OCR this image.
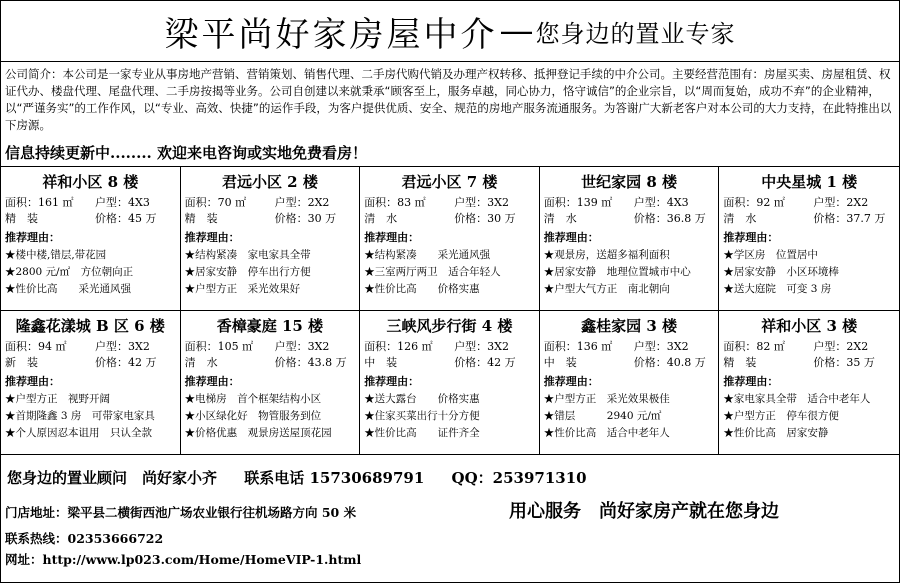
梁平尚好家房屋中介 — 您身边的置业专家
公司简介：本公司是一家专业从事房地产营销、营销策划、销售代理、二手房代购代销及办理产权转移、抵押登记手续的中介公司。主要经营范围有：房屋买卖、房屋租赁、权证代办、楼盘代理、尾盘代理、二手房按揭等业务。公司自创建以来就秉承“顾客至上，服务卓越，同心协力，恪守诚信”的企业宗旨，以“周而复始，成功不弃”的企业精神，以“严谨务实”的工作作风，以“专业、高效、快捷”的运作手段，为客户提供优质、安全、规范的房地产服务流通服务。为答谢广大新老客户对本公司的大力支持，在此特推出以下房源。
信息持续更新中........ 欢迎来电咨询或实地免费看房！
祥和小区 8 楼
面积：161 ㎡	户型：4X3
精　装	价格：45 万
推荐理由：
★楼中楼,错层,带花园
★2800 元/㎡　方位朝向正
★性价比高　　采光通风强
君远小区 2 楼
面积：70 ㎡	户型：2X2
精　装	价格：30 万
推荐理由：
★结构紧凑　家电家具全带
★居家安静　停车出行方便
★户型方正　采光效果好
君远小区 7 楼
面积：83 ㎡	户型：3X2
清　水	价格：30 万
推荐理由：
★结构紧凑　　采光通风强
★三室两厅两卫　适合年轻人
★性价比高　　价格实惠
世纪家园 8 楼
面积：139 ㎡	户型：4X3
清　水	价格：36.8 万
推荐理由：
★观景房，送超多福利面积
★居家安静　地理位置城市中心
★户型大气方正　南北朝向
中央星城 1 楼
面积：92 ㎡	户型：2X2
清　水	价格：37.7 万
推荐理由：
★学区房　位置居中
★居家安静　小区环境棒
★送大庭院　可变 3 房
隆鑫花漾城 B 区 6 楼
面积：94 ㎡	户型：3X2
新　装	价格：42 万
推荐理由：
★户型方正　视野开阔
★首期隆鑫 3 房　可带家电家具
★个人原因忍本诅用　只认全款
香樟豪庭 15 楼
面积：105 ㎡	户型：3X2
清　水	价格：43.8 万
推荐理由：
★电梯房　首个框架结构小区
★小区绿化好　物管服务到位
★价格优惠　观景房送屋顶花园
三峡风步行街 4 楼
面积：126 ㎡	户型：3X2
中　装	价格：42 万
推荐理由：
★送大露台　　价格实惠
★住家买菜出行十分方便
★性价比高　　证件齐全
鑫桂家园 3 楼
面积：136 ㎡	户型：3X2
中　装	价格：40.8 万
推荐理由：
★户型方正　采光效果极佳
★错层　　　2940 元/㎡
★性价比高　适合中老年人
祥和小区 3 楼
面积：82 ㎡	户型：2X2
精　装	价格：35 万
推荐理由：
★家电家具全带　适合中老年人
★户型方正　停车很方便
★性价比高　居家安静
您身边的置业顾问　尚好家小齐 联系电话 15730689791 QQ：253971310
门店地址：梁平县二横街西池广场农业银行往机场路方向 50 米	用心服务　尚好家房产就在您身边
联系热线：02353666722
网址：http://www.lp023.com/Home/HomeVIP-1.html
